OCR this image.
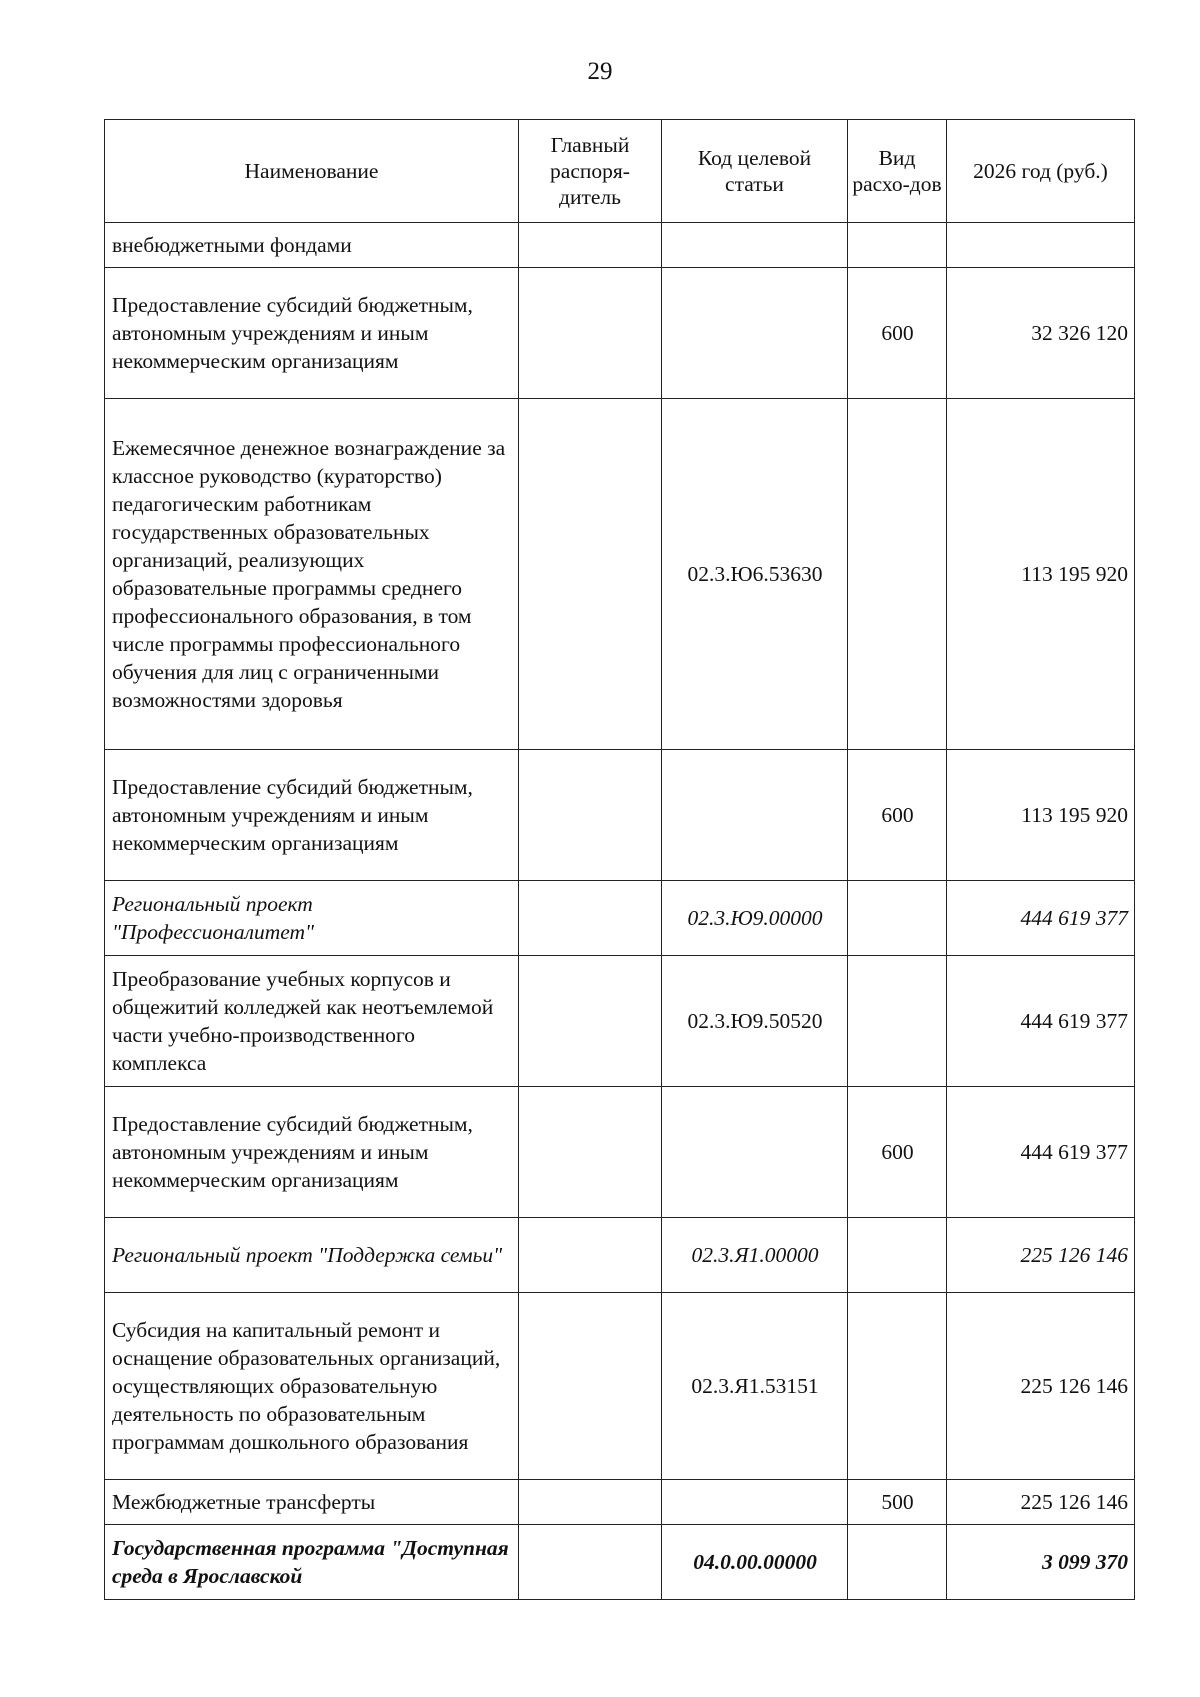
29
Наименование	Главный распоря-дитель	Код целевой статьи	Вид расхо-дов	2026 год (руб.)
внебюджетными фондами				
Предоставление субсидий бюджетным, автономным учреждениям и иным некоммерческим организациям			600	32 326 120
Ежемесячное денежное вознаграждение за классное руководство (кураторство) педагогическим работникам государственных образовательных организаций, реализующих образовательные программы среднего профессионального образования, в том числе программы профессионального обучения для лиц с ограниченными возможностями здоровья		02.3.Ю6.53630		113 195 920
Предоставление субсидий бюджетным, автономным учреждениям и иным некоммерческим организациям			600	113 195 920
Региональный проект "Профессионалитет"		02.3.Ю9.00000		444 619 377
Преобразование учебных корпусов и общежитий колледжей как неотъемлемой части учебно-производственного комплекса		02.3.Ю9.50520		444 619 377
Предоставление субсидий бюджетным, автономным учреждениям и иным некоммерческим организациям			600	444 619 377
Региональный проект "Поддержка семьи"		02.3.Я1.00000		225 126 146
Субсидия на капитальный ремонт и оснащение образовательных организаций, осуществляющих образовательную деятельность по образовательным программам дошкольного образования		02.3.Я1.53151		225 126 146
Межбюджетные трансферты			500	225 126 146
Государственная программа "Доступная среда в Ярославской		04.0.00.00000		3 099 370
